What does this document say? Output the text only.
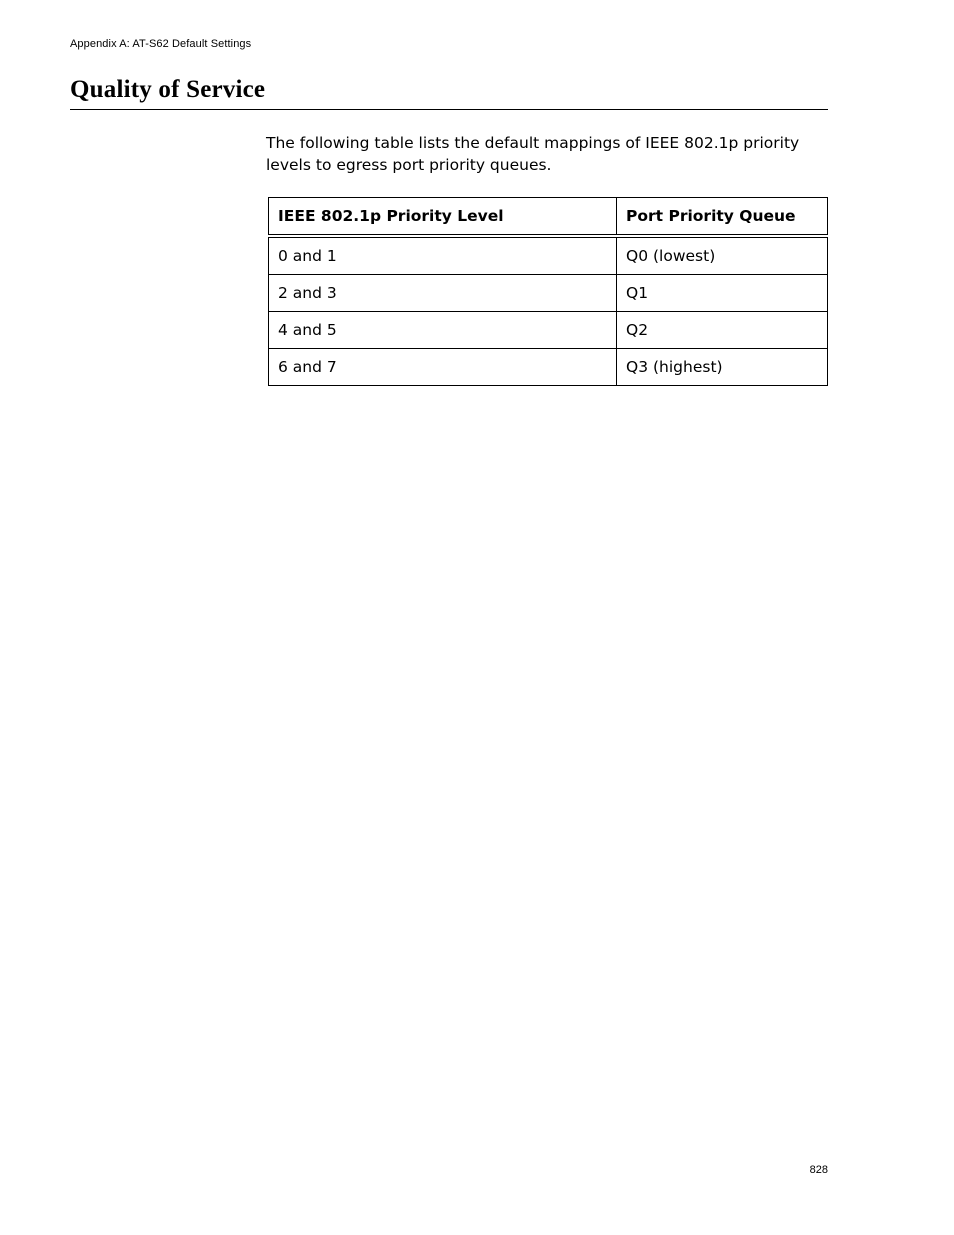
Appendix A: AT-S62 Default Settings
Quality of Service

The following table lists the default mappings of IEEE 802.1p priority levels to egress port priority queues.

IEEE 802.1p Priority Level	Port Priority Queue
0 and 1	Q0 (lowest)
2 and 3	Q1
4 and 5	Q2
6 and 7	Q3 (highest)
828
